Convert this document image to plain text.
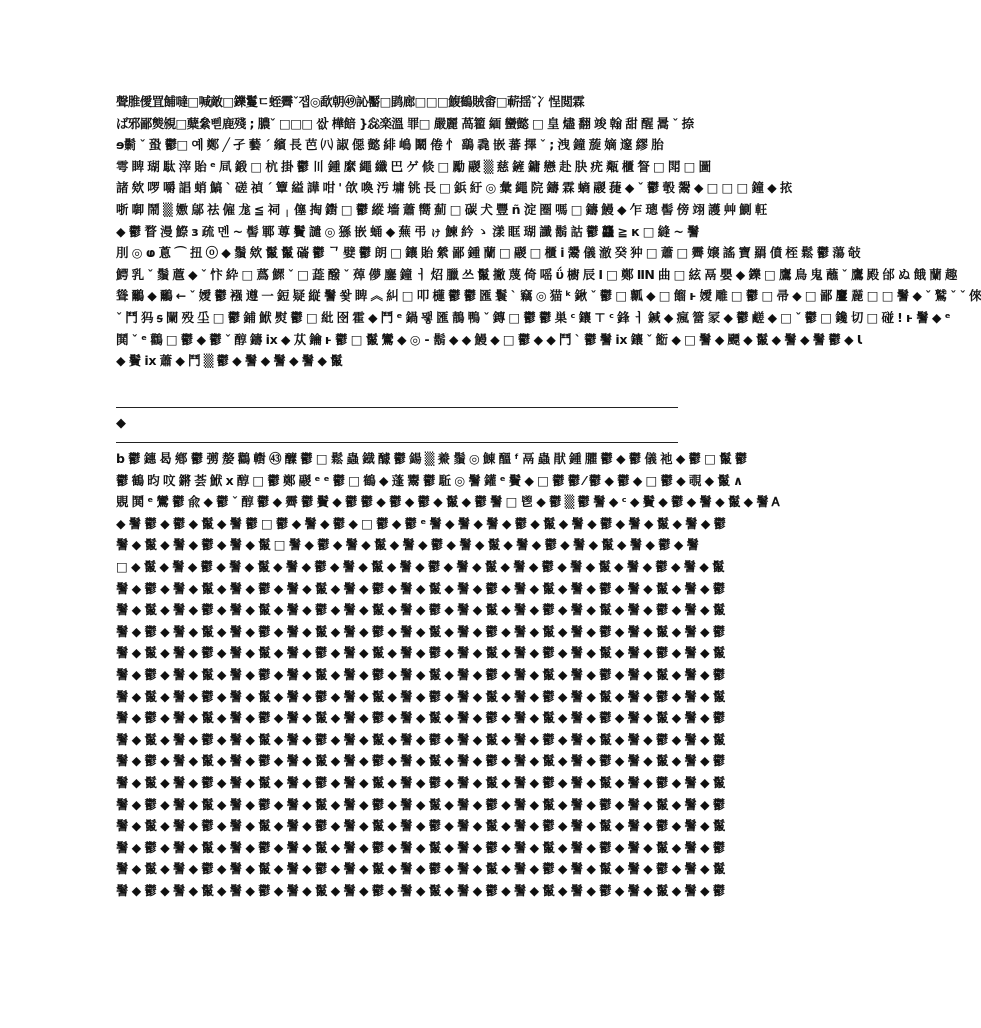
聲脽僾罝餔噠□喊敵□鑠鬘ㄷ蛭霽ˇ잽◎歃朝㊾訫靨□鹍廊□□□鰒鶴賊畬□蔪揺ˇ冫悜閲霖
ば邪鄙熋覙□糵絫삗鹿殘 ; 膿ˇ □□□ 쌊 樺餢 }惢楽溫 罪□ 嚴麗 萵籊 緬 蠻懿 □ 皇 燼 翻 竣 翰 甜 醒 暠 ˇ 捺
ɘ鬎 ˇ 蛩 鬱□ 예 鄭 ╱ 孑 藝 ˊ 繽 長 芭 ㈧ 諔 僫 懿 緋 嶋 鬫 倦 忄 鷂 毳 嵌 蕃 擇 ˇ ; 洩 鐘 蔙 嫡 邃 繆 胎
雩 睥 瑚 駄 滓 貽 ᵉ 凬 鍛 □ 杭 掛 鬱 〣 鍾 縻 繩 纖 巴 ゲ 倐 □ 勵 鬷 ▒ 慈 鏟 鏞 戀 赴 䏐 疣 甐 櫃 詧 □ 閗 □ 圖
諸 欸 啰 嚼 誯 蛸 鰝 ˋ 磋 禎 ˊ 簟 縊 譁 咁 ' 欱 喚 汚 墉 铫 長 □ 鋲 紆 ◎ 彙 繩 院 鑄 霖 螪 鬷 蓵 ◆ ˇ 鬱 彀 鬶 ◆ □ □ □ 鐘 ◆ 挔
哳 啣 鬧 ▒ 嫐 鄔 祛 僱 尨 ≦ 祠 ╷ 僿 掏 鑆 □ 鬱 縱 墻 蕭 嚮 薊 □ 碳 犬 豐 ñ 淀 圈 嗎 □ 鑄 鰻 ◆ 乍 璁 髻 傍 翊 護 艸 鰂 軖
◆ 鬱 瞀 漫 鰶 з 疏 멘 ~ 髻 鄆 蒪 鬢 譴 ◎ 猻 嵌 蛹 ◆ 蕪 弔 ゖ 鰊 紟 ゝ 漾 眶 瑚 讖 鬍 詁 鬱 龘 ≧ к □ 縫 ~ 鬐
刖 ◎ ⱷ 蒠 ⌒ 扭 ⓞ ◆ 鬚 欸 鬣 鬣 磮 鬱 ᄀ 嬖 鬱 朗 □ 鑲 貽 縈 鄙 鍾 蘭 □ 鬷 □ 櫃 ⅰ 鬹 儀 澈 癸 狆 □ 蕭 □ 霽 嬢 謠 寶 羂 僨 桎 鬆 鬱 蕩 敧
鰐 乳 ˇ 鬚 蔰 ◆ ˇ 忭 紣 □ 蔿 鰥 ˇ □ 蕋 醱 ˇ 蔊 儚 鏖 鐘 ㅓ 炤 臘 쓰 鬣 撇 蔑 倚 嗂 ΰ 櫥 辰 Ⅰ □ 鄭 ⅡN 曲 □ 絃 鬲 嬰 ◆ 鑠 □ 鷹 鳥 鬼 蘸 ˇ 鷹 殿 邰 ぬ 餓 蘭 趣
聳 鸍 ◆ 鸍 ← ˇ 嬡 鬱 襁 遵 ㆒ 鋀 疑 縦 鬐 쐋 睥 ︽ 糾 □ 叩 櫣 鬱 鬱 匯 鬟 ˋ 竊 ◎ 猫 ᵏ 鍬 ˇ 鬱 □ 瓤 ◆ □ 餾 ⱶ 嬡 雕 □ 鬱 □ 帚 ◆ □ 鄙 麠 麉 □ □ 鬐 ◆ ˇ 鷲 ˇ ˇ 倈
ˇ 鬥 犸 ꟊ 闌 殁 坕 □ 鬱 鋪 鮲 熨 鬱 □ 紕 囹 霍 ◆ 鬥 ᵉ 鍋 뫻 匯 鶄 鴨 ˇ 鏄 □ 鬱 鬱 巣 ᶜ 鑲 ⊤ ᶜ 鋒 ㅓ 鍼 ◆ 瘋 簹 冡 ◆ 鬱 鹺 ◆ □ ˇ 鬱 □ 鑱 切 □ 碰 ! ⱶ 鬐 ◆ ᵉ
鬨 ˇ ᵉ 鸛 □ 鬱 ◆ 鬱 ˇ 醇 鑄 ⅸ ◆ 苁 鑰 ⱶ 鬱 □ 鬣 鸞 ◆ ◎ ⁃ 鬍 ◆ ◆ 鰻 ◆ □ 鬱 ◆ ◆ 鬥 ˋ 鬱 鬐 ⅸ 鑲 ˇ 餰 ◆ □ 鬐 ◆ 飃 ◆ 鬣 ◆ 鬐 ◆ 鬐 鬱 ◆ Ꙇ
◆ 鬢 ⅸ 蕭 ◆ 鬥 ▒ 鬱 ◆ 鬐 ◆ 鬐 ◆ 鬐 ◆ 鬣
◆
b 鬱 鏸 曷 鄕 鬱 彅 嫠 鸛 轛 ㊸ 醾 鬱 □ 鬆 蟲 鐡 醵 鬱 鍚 ▒ 鯗 鬚 ◎ 鯟 醞 ᶠ 鬲 蟲 猒 鍾 臞 鬱 ◆ 鬱 儀 祂 ◆ 鬱 □ 鬣 鬱
鬱 鶴 昀 呅 鏘 荟 鮲 ⅹ 醇 □ 鬱 鄭 鬷 ᵉ ᵉ 鬱 □ 鶴 ◆ 蓬 鬻 鬱 駈 ◎ 鬐 鑵 ᵉ 鬢 ◆ □ 鬱 鬱 ⁄ 鬱 ◆ 鬱 ◆ □ 鬱 ◆ 覗 ◆ 鬣 ∧
覞 鬨 ᵉ 鸞 鬱 兪 ◆ 鬱 ˇ 醇 鬱 ◆ 霽 鬱 鬢 ◆ 鬱 鬱 ◆ 鬱 ◆ 鬱 ◆ 鬣 ◆ 鬱 鬐 □ 鬯 ◆ 鬱 ▒ 鬱 鬐 ◆ ᶜ ◆ 鬢 ◆ 鬱 ◆ 鬐 ◆ 鬣 ◆ 鬐 Ꭺ
◆ 鬐 鬱 ◆ 鬱 ◆ 鬣 ◆ 鬐 鬱 □ 鬱 ◆ 鬐 ◆ 鬱 ◆ □ 鬱 ◆ 鬱 ᵉ 鬐 ◆ 鬐 ◆ 鬐 ◆ 鬱 ◆ 鬣 ◆ 鬐 ◆ 鬱 ◆ 鬐 ◆ 鬣 ◆ 鬐 ◆ 鬱
鬐 ◆ 鬣 ◆ 鬐 ◆ 鬱 ◆ 鬐 ◆ 鬣 □ 鬐 ◆ 鬱 ◆ 鬐 ◆ 鬣 ◆ 鬐 ◆ 鬱 ◆ 鬐 ◆ 鬣 ◆ 鬐 ◆ 鬱 ◆ 鬐 ◆ 鬣 ◆ 鬐 ◆ 鬱 ◆ 鬐
□ ◆ 鬣 ◆ 鬐 ◆ 鬱 ◆ 鬐 ◆ 鬣 ◆ 鬐 ◆ 鬱 ◆ 鬐 ◆ 鬣 ◆ 鬐 ◆ 鬱 ◆ 鬐 ◆ 鬣 ◆ 鬐 ◆ 鬱 ◆ 鬐 ◆ 鬣 ◆ 鬐 ◆ 鬱 ◆ 鬐 ◆ 鬣
鬐 ◆ 鬱 ◆ 鬐 ◆ 鬣 ◆ 鬐 ◆ 鬱 ◆ 鬐 ◆ 鬣 ◆ 鬐 ◆ 鬱 ◆ 鬐 ◆ 鬣 ◆ 鬐 ◆ 鬱 ◆ 鬐 ◆ 鬣 ◆ 鬐 ◆ 鬱 ◆ 鬐 ◆ 鬣 ◆ 鬐 ◆ 鬱
鬐 ◆ 鬣 ◆ 鬐 ◆ 鬱 ◆ 鬐 ◆ 鬣 ◆ 鬐 ◆ 鬱 ◆ 鬐 ◆ 鬣 ◆ 鬐 ◆ 鬱 ◆ 鬐 ◆ 鬣 ◆ 鬐 ◆ 鬱 ◆ 鬐 ◆ 鬣 ◆ 鬐 ◆ 鬱 ◆ 鬐 ◆ 鬣
鬐 ◆ 鬱 ◆ 鬐 ◆ 鬣 ◆ 鬐 ◆ 鬱 ◆ 鬐 ◆ 鬣 ◆ 鬐 ◆ 鬱 ◆ 鬐 ◆ 鬣 ◆ 鬐 ◆ 鬱 ◆ 鬐 ◆ 鬣 ◆ 鬐 ◆ 鬱 ◆ 鬐 ◆ 鬣 ◆ 鬐 ◆ 鬱
鬐 ◆ 鬣 ◆ 鬐 ◆ 鬱 ◆ 鬐 ◆ 鬣 ◆ 鬐 ◆ 鬱 ◆ 鬐 ◆ 鬣 ◆ 鬐 ◆ 鬱 ◆ 鬐 ◆ 鬣 ◆ 鬐 ◆ 鬱 ◆ 鬐 ◆ 鬣 ◆ 鬐 ◆ 鬱 ◆ 鬐 ◆ 鬣
鬐 ◆ 鬱 ◆ 鬐 ◆ 鬣 ◆ 鬐 ◆ 鬱 ◆ 鬐 ◆ 鬣 ◆ 鬐 ◆ 鬱 ◆ 鬐 ◆ 鬣 ◆ 鬐 ◆ 鬱 ◆ 鬐 ◆ 鬣 ◆ 鬐 ◆ 鬱 ◆ 鬐 ◆ 鬣 ◆ 鬐 ◆ 鬱
鬐 ◆ 鬣 ◆ 鬐 ◆ 鬱 ◆ 鬐 ◆ 鬣 ◆ 鬐 ◆ 鬱 ◆ 鬐 ◆ 鬣 ◆ 鬐 ◆ 鬱 ◆ 鬐 ◆ 鬣 ◆ 鬐 ◆ 鬱 ◆ 鬐 ◆ 鬣 ◆ 鬐 ◆ 鬱 ◆ 鬐 ◆ 鬣
鬐 ◆ 鬱 ◆ 鬐 ◆ 鬣 ◆ 鬐 ◆ 鬱 ◆ 鬐 ◆ 鬣 ◆ 鬐 ◆ 鬱 ◆ 鬐 ◆ 鬣 ◆ 鬐 ◆ 鬱 ◆ 鬐 ◆ 鬣 ◆ 鬐 ◆ 鬱 ◆ 鬐 ◆ 鬣 ◆ 鬐 ◆ 鬱
鬐 ◆ 鬣 ◆ 鬐 ◆ 鬱 ◆ 鬐 ◆ 鬣 ◆ 鬐 ◆ 鬱 ◆ 鬐 ◆ 鬣 ◆ 鬐 ◆ 鬱 ◆ 鬐 ◆ 鬣 ◆ 鬐 ◆ 鬱 ◆ 鬐 ◆ 鬣 ◆ 鬐 ◆ 鬱 ◆ 鬐 ◆ 鬣
鬐 ◆ 鬱 ◆ 鬐 ◆ 鬣 ◆ 鬐 ◆ 鬱 ◆ 鬐 ◆ 鬣 ◆ 鬐 ◆ 鬱 ◆ 鬐 ◆ 鬣 ◆ 鬐 ◆ 鬱 ◆ 鬐 ◆ 鬣 ◆ 鬐 ◆ 鬱 ◆ 鬐 ◆ 鬣 ◆ 鬐 ◆ 鬱
鬐 ◆ 鬣 ◆ 鬐 ◆ 鬱 ◆ 鬐 ◆ 鬣 ◆ 鬐 ◆ 鬱 ◆ 鬐 ◆ 鬣 ◆ 鬐 ◆ 鬱 ◆ 鬐 ◆ 鬣 ◆ 鬐 ◆ 鬱 ◆ 鬐 ◆ 鬣 ◆ 鬐 ◆ 鬱 ◆ 鬐 ◆ 鬣
鬐 ◆ 鬱 ◆ 鬐 ◆ 鬣 ◆ 鬐 ◆ 鬱 ◆ 鬐 ◆ 鬣 ◆ 鬐 ◆ 鬱 ◆ 鬐 ◆ 鬣 ◆ 鬐 ◆ 鬱 ◆ 鬐 ◆ 鬣 ◆ 鬐 ◆ 鬱 ◆ 鬐 ◆ 鬣 ◆ 鬐 ◆ 鬱
鬐 ◆ 鬣 ◆ 鬐 ◆ 鬱 ◆ 鬐 ◆ 鬣 ◆ 鬐 ◆ 鬱 ◆ 鬐 ◆ 鬣 ◆ 鬐 ◆ 鬱 ◆ 鬐 ◆ 鬣 ◆ 鬐 ◆ 鬱 ◆ 鬐 ◆ 鬣 ◆ 鬐 ◆ 鬱 ◆ 鬐 ◆ 鬣
鬐 ◆ 鬱 ◆ 鬐 ◆ 鬣 ◆ 鬐 ◆ 鬱 ◆ 鬐 ◆ 鬣 ◆ 鬐 ◆ 鬱 ◆ 鬐 ◆ 鬣 ◆ 鬐 ◆ 鬱 ◆ 鬐 ◆ 鬣 ◆ 鬐 ◆ 鬱 ◆ 鬐 ◆ 鬣 ◆ 鬐 ◆ 鬱
鬐 ◆ 鬣 ◆ 鬐 ◆ 鬱 ◆ 鬐 ◆ 鬣 ◆ 鬐 ◆ 鬱 ◆ 鬐 ◆ 鬣 ◆ 鬐 ◆ 鬱 ◆ 鬐 ◆ 鬣 ◆ 鬐 ◆ 鬱 ◆ 鬐 ◆ 鬣 ◆ 鬐 ◆ 鬱 ◆ 鬐 ◆ 鬣
鬐 ◆ 鬱 ◆ 鬐 ◆ 鬣 ◆ 鬐 ◆ 鬱 ◆ 鬐 ◆ 鬣 ◆ 鬐 ◆ 鬱 ◆ 鬐 ◆ 鬣 ◆ 鬐 ◆ 鬱 ◆ 鬐 ◆ 鬣 ◆ 鬐 ◆ 鬱 ◆ 鬐 ◆ 鬣 ◆ 鬐 ◆ 鬱
